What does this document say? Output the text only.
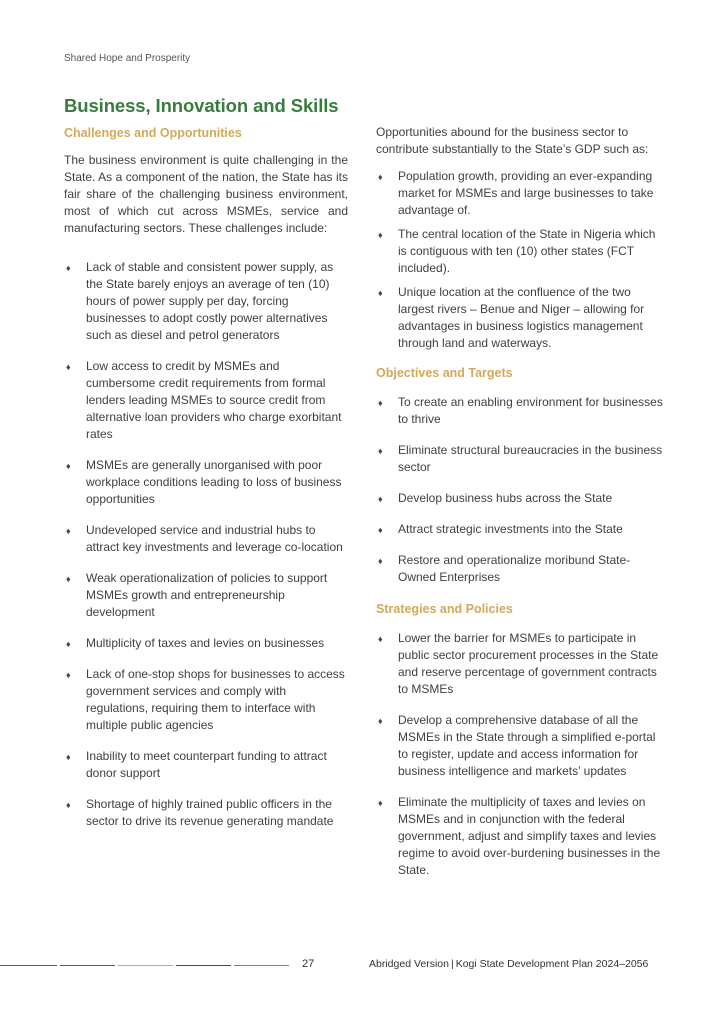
Shared Hope and Prosperity
Business, Innovation and Skills
Challenges and Opportunities

The business environment is quite challenging in the State. As a component of the nation, the State has its fair share of the challenging business environment, most of which cut across MSMEs, service and manufacturing sectors. These challenges include:

♦ Lack of stable and consistent power supply, as the State barely enjoys an average of ten (10) hours of power supply per day, forcing businesses to adopt costly power alternatives such as diesel and petrol generators
♦ Low access to credit by MSMEs and cumbersome credit requirements from formal lenders leading MSMEs to source credit from alternative loan providers who charge exorbitant rates
♦ MSMEs are generally unorganised with poor workplace conditions leading to loss of business opportunities
♦ Undeveloped service and industrial hubs to attract key investments and leverage co-location
♦ Weak operationalization of policies to support MSMEs growth and entrepreneurship development
♦ Multiplicity of taxes and levies on businesses
♦ Lack of one-stop shops for businesses to access government services and comply with regulations, requiring them to interface with multiple public agencies
♦ Inability to meet counterpart funding to attract donor support
♦ Shortage of highly trained public officers in the sector to drive its revenue generating mandate

Opportunities abound for the business sector to contribute substantially to the State’s GDP such as:

♦ Population growth, providing an ever-expanding market for MSMEs and large businesses to take advantage of.
♦ The central location of the State in Nigeria which is contiguous with ten (10) other states (FCT included).
♦ Unique location at the confluence of the two largest rivers – Benue and Niger – allowing for advantages in business logistics management through land and waterways.
Objectives and Targets
♦ To create an enabling environment for businesses to thrive
♦ Eliminate structural bureaucracies in the business sector
♦ Develop business hubs across the State
♦ Attract strategic investments into the State
♦ Restore and operationalize moribund State-Owned Enterprises
Strategies and Policies
♦ Lower the barrier for MSMEs to participate in public sector procurement processes in the State and reserve percentage of government contracts to MSMEs
♦ Develop a comprehensive database of all the MSMEs in the State through a simplified e-portal to register, update and access information for business intelligence and markets’ updates
♦ Eliminate the multiplicity of taxes and levies on MSMEs and in conjunction with the federal government, adjust and simplify taxes and levies regime to avoid over-burdening businesses in the State.
27	Abridged Version | Kogi State Development Plan 2024–2056
